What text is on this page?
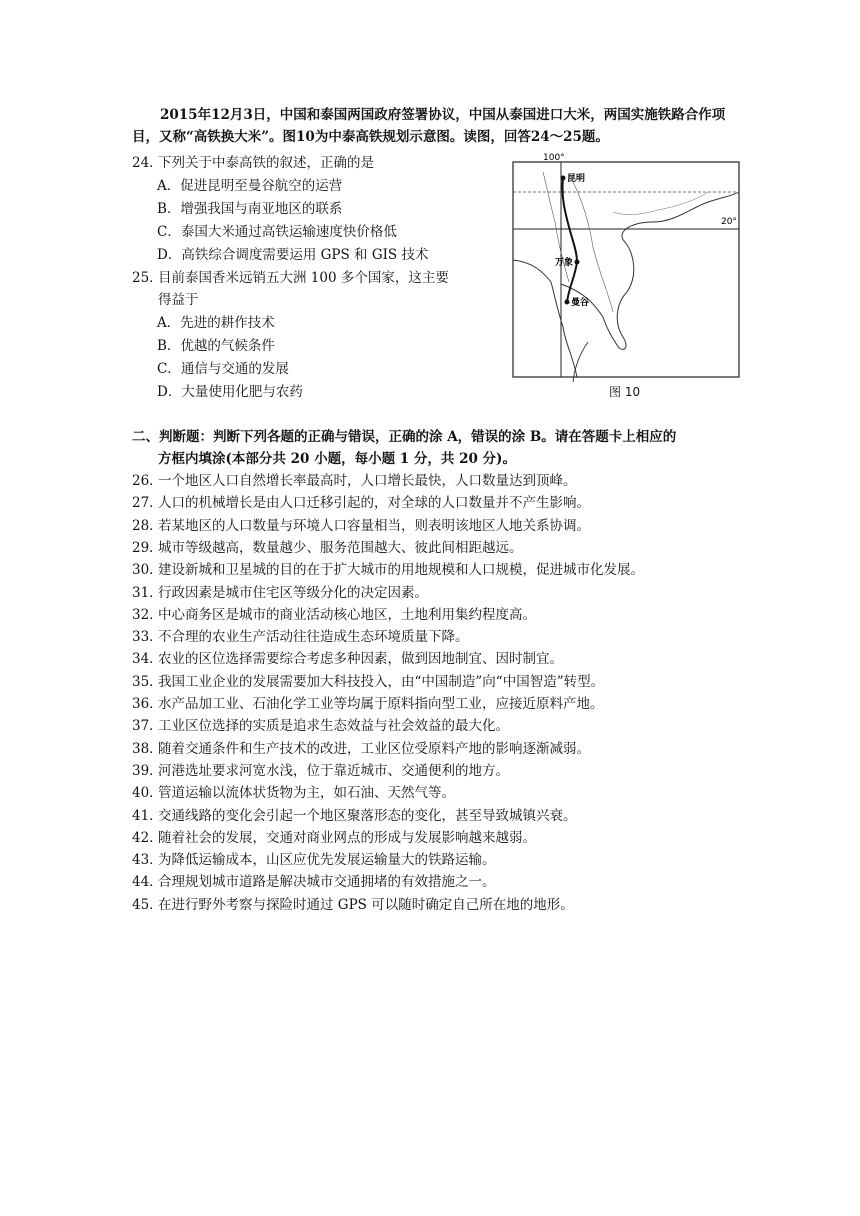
2015年12月3日，中国和泰国两国政府签署协议，中国从泰国进口大米，两国实施铁路合作项目，又称“高铁换大米”。图10为中泰高铁规划示意图。读图，回答24～25题。
24．下列关于中泰高铁的叙述，正确的是
A．促进昆明至曼谷航空的运营
B．增强我国与南亚地区的联系
C．泰国大米通过高铁运输速度快价格低
D．高铁综合调度需要运用 GPS 和 GIS 技术
25．目前泰国香米远销五大洲 100 多个国家，这主要
得益于
A．先进的耕作技术
B．优越的气候条件
C．通信与交通的发展
D．大量使用化肥与农药
100°
20°
昆明
万象
曼谷
图 10
二、判断题：判断下列各题的正确与错误，正确的涂 A，错误的涂 B。请在答题卡上相应的
方框内填涂(本部分共 20 小题，每小题 1 分，共 20 分)。
26．一个地区人口自然增长率最高时，人口增长最快，人口数量达到顶峰。
27．人口的机械增长是由人口迁移引起的，对全球的人口数量并不产生影响。
28．若某地区的人口数量与环境人口容量相当，则表明该地区人地关系协调。
29．城市等级越高，数量越少、服务范围越大、彼此间相距越远。
30．建设新城和卫星城的目的在于扩大城市的用地规模和人口规模，促进城市化发展。
31．行政因素是城市住宅区等级分化的决定因素。
32．中心商务区是城市的商业活动核心地区，土地利用集约程度高。
33．不合理的农业生产活动往往造成生态环境质量下降。
34．农业的区位选择需要综合考虑多种因素，做到因地制宜、因时制宜。
35．我国工业企业的发展需要加大科技投入，由“中国制造”向“中国智造”转型。
36．水产品加工业、石油化学工业等均属于原料指向型工业，应接近原料产地。
37．工业区位选择的实质是追求生态效益与社会效益的最大化。
38．随着交通条件和生产技术的改进，工业区位受原料产地的影响逐渐减弱。
39．河港选址要求河宽水浅，位于靠近城市、交通便利的地方。
40．管道运输以流体状货物为主，如石油、天然气等。
41．交通线路的变化会引起一个地区聚落形态的变化，甚至导致城镇兴衰。
42．随着社会的发展，交通对商业网点的形成与发展影响越来越弱。
43．为降低运输成本，山区应优先发展运输量大的铁路运输。
44．合理规划城市道路是解决城市交通拥堵的有效措施之一。
45．在进行野外考察与探险时通过 GPS 可以随时确定自己所在地的地形。
